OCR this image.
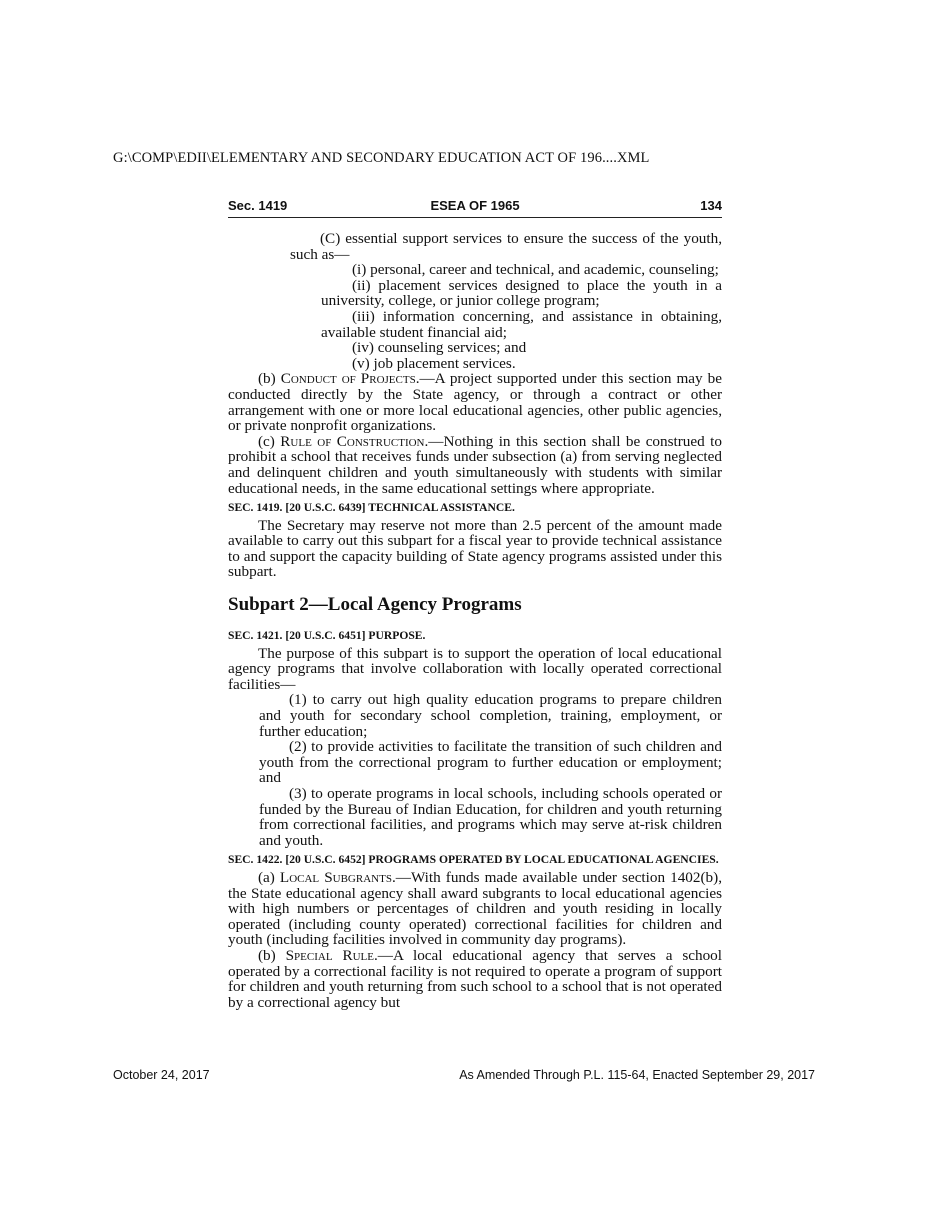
G:\COMP\EDII\ELEMENTARY AND SECONDARY EDUCATION ACT OF 196....XML
Sec. 1419	ESEA OF 1965	134

(C) essential support services to ensure the success of the youth, such as—

(i) personal, career and technical, and academic, counseling;

(ii) placement services designed to place the youth in a university, college, or junior college program;

(iii) information concerning, and assistance in obtaining, available student financial aid;

(iv) counseling services; and

(v) job placement services.

(b) Conduct of Projects.—A project supported under this section may be conducted directly by the State agency, or through a contract or other arrangement with one or more local educational agencies, other public agencies, or private nonprofit organizations.

(c) Rule of Construction.—Nothing in this section shall be construed to prohibit a school that receives funds under subsection (a) from serving neglected and delinquent children and youth simultaneously with students with similar educational needs, in the same educational settings where appropriate.

SEC. 1419. [20 U.S.C. 6439] TECHNICAL ASSISTANCE.

The Secretary may reserve not more than 2.5 percent of the amount made available to carry out this subpart for a fiscal year to provide technical assistance to and support the capacity building of State agency programs assisted under this subpart.

Subpart 2—Local Agency Programs

SEC. 1421. [20 U.S.C. 6451] PURPOSE.

The purpose of this subpart is to support the operation of local educational agency programs that involve collaboration with locally operated correctional facilities—

(1) to carry out high quality education programs to prepare children and youth for secondary school completion, training, employment, or further education;

(2) to provide activities to facilitate the transition of such children and youth from the correctional program to further education or employment; and

(3) to operate programs in local schools, including schools operated or funded by the Bureau of Indian Education, for children and youth returning from correctional facilities, and programs which may serve at-risk children and youth.

SEC. 1422. [20 U.S.C. 6452] PROGRAMS OPERATED BY LOCAL EDUCATIONAL AGENCIES.

(a) Local Subgrants.—With funds made available under section 1402(b), the State educational agency shall award subgrants to local educational agencies with high numbers or percentages of children and youth residing in locally operated (including county operated) correctional facilities for children and youth (including facilities involved in community day programs).

(b) Special Rule.—A local educational agency that serves a school operated by a correctional facility is not required to operate a program of support for children and youth returning from such school to a school that is not operated by a correctional agency but

October 24, 2017	As Amended Through P.L. 115-64, Enacted September 29, 2017
